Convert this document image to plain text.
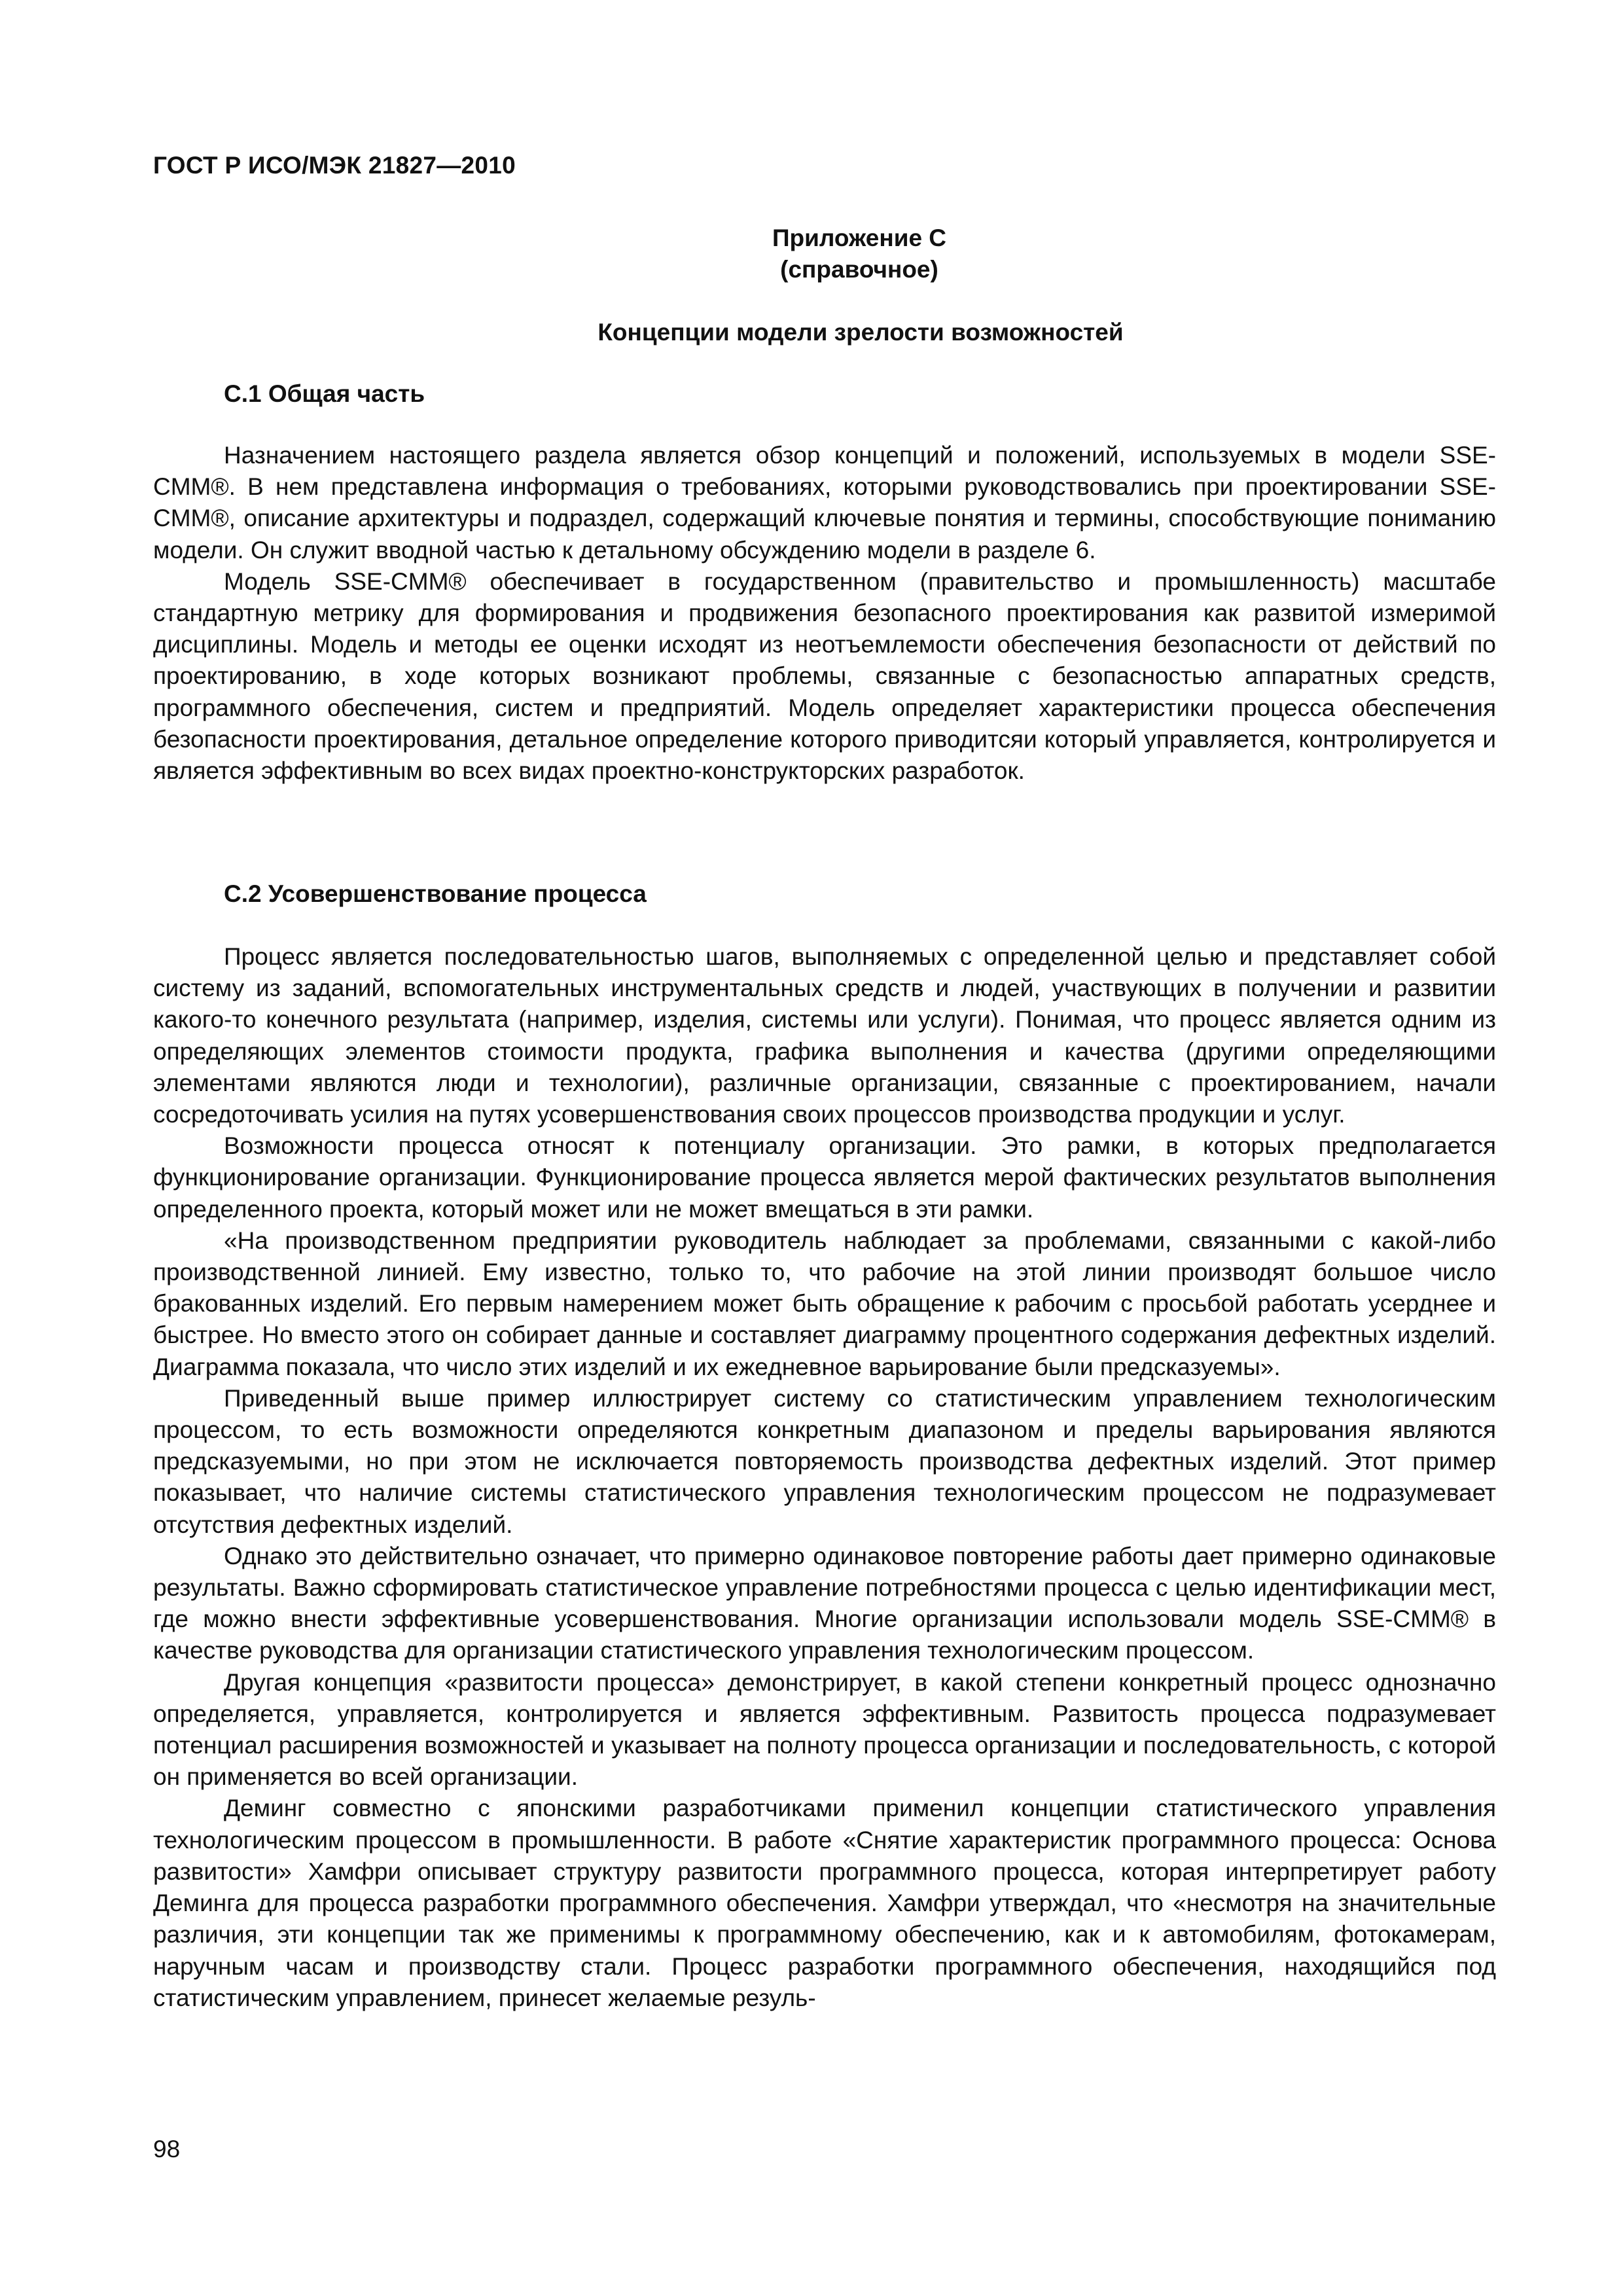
ГОСТ Р ИСО/МЭК 21827—2010
Приложение С
(справочное)
Концепции модели зрелости возможностей
С.1 Общая часть

Назначением настоящего раздела является обзор концепций и положений, используемых в модели SSE-CMM®. В нем представлена информация о требованиях, которыми руководствовались при проектировании SSE-CMM®, описание архитектуры и подраздел, содержащий ключевые понятия и термины, способствующие пониманию модели. Он служит вводной частью к детальному обсуждению модели в разделе 6.

Модель SSE-CMM® обеспечивает в государственном (правительство и промышленность) масштабе стандартную метрику для формирования и продвижения безопасного проектирования как развитой измеримой дисциплины. Модель и методы ее оценки исходят из неотъемлемости обеспечения безопасности от действий по проектированию, в ходе которых возникают проблемы, связанные с безопасностью аппаратных средств, программного обеспечения, систем и предприятий. Модель определяет характеристики процесса обеспечения безопасности проектирования, детальное определение которого приводитсяи который управляется, контролируется и является эффективным во всех видах проектно-конструкторских разработок.

С.2 Усовершенствование процесса

Процесс является последовательностью шагов, выполняемых с определенной целью и представляет собой систему из заданий, вспомогательных инструментальных средств и людей, участвующих в получении и развитии какого-то конечного результата (например, изделия, системы или услуги). Понимая, что процесс является одним из определяющих элементов стоимости продукта, графика выполнения и качества (другими определяющими элементами являются люди и технологии), различные организации, связанные с проектированием, начали сосредоточивать усилия на путях усовершенствования своих процессов производства продукции и услуг.

Возможности процесса относят к потенциалу организации. Это рамки, в которых предполагается функционирование организации. Функционирование процесса является мерой фактических результатов выполнения определенного проекта, который может или не может вмещаться в эти рамки.

«На производственном предприятии руководитель наблюдает за проблемами, связанными с какой-либо производственной линией. Ему известно, только то, что рабочие на этой линии производят большое число бракованных изделий. Его первым намерением может быть обращение к рабочим с просьбой работать усерднее и быстрее. Но вместо этого он собирает данные и составляет диаграмму процентного содержания дефектных изделий. Диаграмма показала, что число этих изделий и их ежедневное варьирование были предсказуемы».

Приведенный выше пример иллюстрирует систему со статистическим управлением технологическим процессом, то есть возможности определяются конкретным диапазоном и пределы варьирования являются предсказуемыми, но при этом не исключается повторяемость производства дефектных изделий. Этот пример показывает, что наличие системы статистического управления технологическим процессом не подразумевает отсутствия дефектных изделий.

Однако это действительно означает, что примерно одинаковое повторение работы дает примерно одинаковые результаты. Важно сформировать статистическое управление потребностями процесса с целью идентификации мест, где можно внести эффективные усовершенствования. Многие организации использовали модель SSE-CMM® в качестве руководства для организации статистического управления технологическим процессом.

Другая концепция «развитости процесса» демонстрирует, в какой степени конкретный процесс однозначно определяется, управляется, контролируется и является эффективным. Развитость процесса подразумевает потенциал расширения возможностей и указывает на полноту процесса организации и последовательность, с которой он применяется во всей организации.

Деминг совместно с японскими разработчиками применил концепции статистического управления технологическим процессом в промышленности. В работе «Снятие характеристик программного процесса: Основа развитости» Хамфри описывает структуру развитости программного процесса, которая интерпретирует работу Деминга для процесса разработки программного обеспечения. Хамфри утверждал, что «несмотря на значительные различия, эти концепции так же применимы к программному обеспечению, как и к автомобилям, фотокамерам, наручным часам и производству стали. Процесс разработки программного обеспечения, находящийся под статистическим управлением, принесет желаемые резуль-

98
